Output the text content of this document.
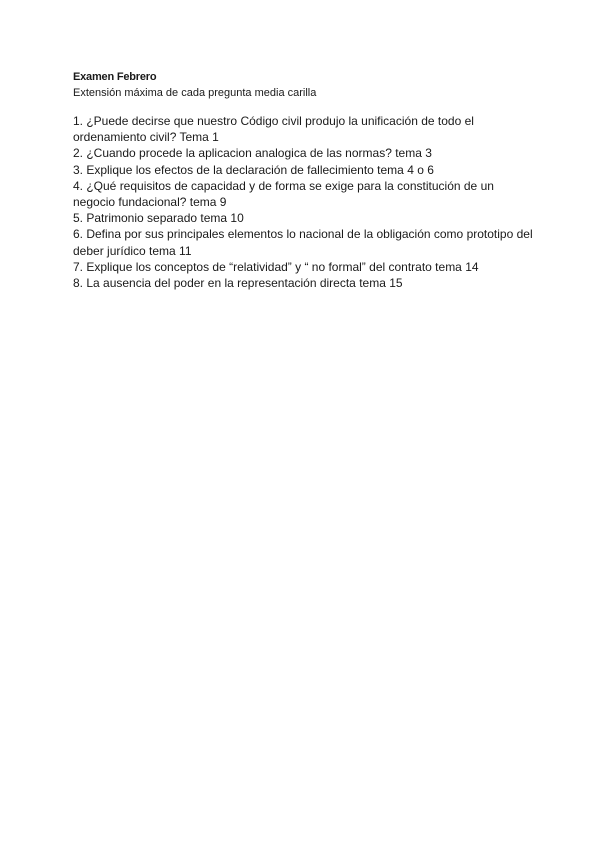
Examen Febrero

Extensión máxima de cada pregunta media carilla

1. ¿Puede decirse que nuestro Código civil produjo la unificación de todo el ordenamiento civil? Tema 1
2. ¿Cuando procede la aplicacion analogica de las normas? tema 3
3. Explique los efectos de la declaración de fallecimiento tema 4 o 6
4. ¿Qué requisitos de capacidad y de forma se exige para la constitución de un negocio fundacional? tema 9
5. Patrimonio separado tema 10
6. Defina por sus principales elementos lo nacional de la obligación como prototipo del deber jurídico tema 11
7. Explique los conceptos de “relatividad” y “ no formal” del contrato tema 14
8. La ausencia del poder en la representación directa tema 15
